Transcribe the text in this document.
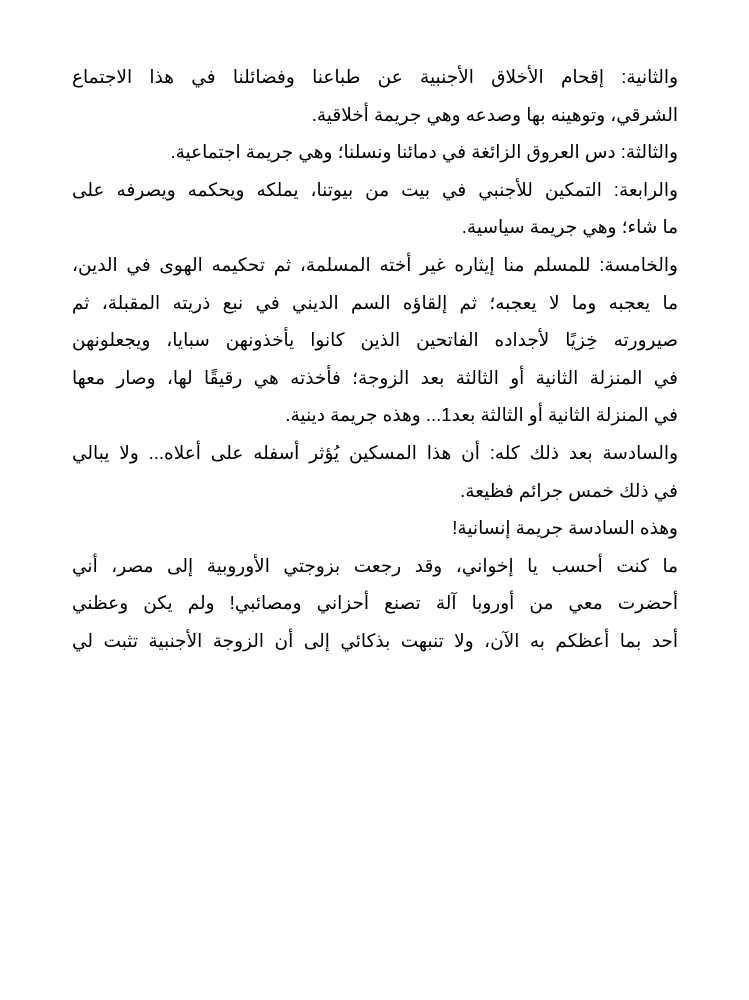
والثانية: إقحام الأخلاق الأجنبية عن طباعنا وفضائلنا في هذا الاجتماع
الشرقي، وتوهينه بها وصدعه وهي جريمة أخلاقية.
والثالثة: دس العروق الزائغة في دمائنا ونسلنا؛ وهي جريمة اجتماعية.
والرابعة: التمكين للأجنبي في بيت من بيوتنا، يملكه ويحكمه ويصرفه على
ما شاء؛ وهي جريمة سياسية.
والخامسة: للمسلم منا إيثاره غير أخته المسلمة، ثم تحكيمه الهوى في الدين،
ما يعجبه وما لا يعجبه؛ ثم إلقاؤه السم الديني في نبع ذريته المقبلة، ثم
صيرورته خِزيًا لأجداده الفاتحين الذين كانوا يأخذونهن سبايا، ويجعلونهن
في المنزلة الثانية أو الثالثة بعد الزوجة؛ فأخذته هي رقيقًا لها، وصار معها
في المنزلة الثانية أو الثالثة بعد1... وهذه جريمة دينية.
والسادسة بعد ذلك كله: أن هذا المسكين يُؤثر أسفله على أعلاه... ولا يبالي
في ذلك خمس جرائم فظيعة.
وهذه السادسة جريمة إنسانية!
ما كنت أحسب يا إخواني، وقد رجعت بزوجتي الأوروبية إلى مصر، أني
أحضرت معي من أوروبا آلة تصنع أحزاني ومصائبي! ولم يكن وعظني
أحد بما أعظكم به الآن، ولا تنبهت بذكائي إلى أن الزوجة الأجنبية تثبت لي
